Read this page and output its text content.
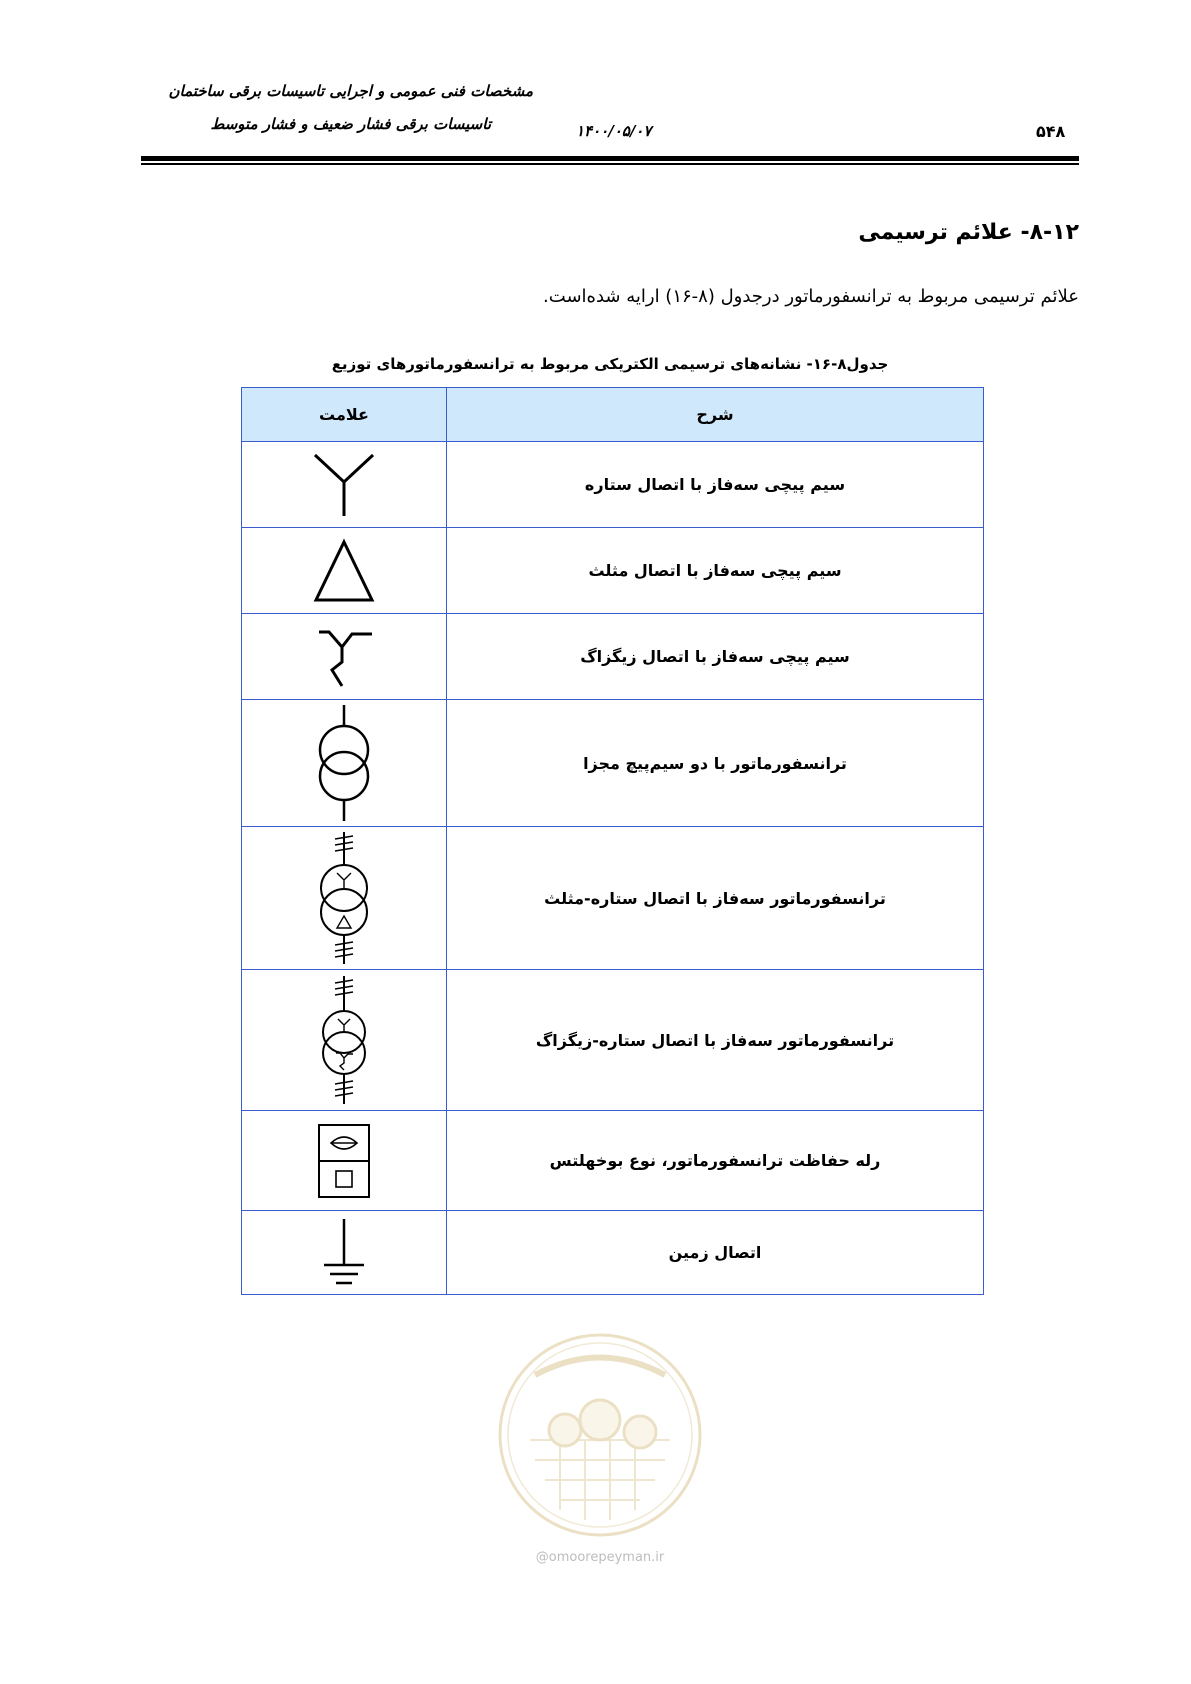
مشخصات فنی عمومی و اجرایی تاسیسات برقی ساختمان
تاسیسات برقی فشار ضعیف و فشار متوسط	۱۴۰۰/۰۵/۰۷	۵۴۸
۸-۱۲- علائم ترسیمی
علائم ترسیمی مربوط به ترانسفورماتور درجدول (۸-۱۶) ارایه شده‌است.
جدول۸-۱۶- نشانه‌های ترسیمی الکتریکی مربوط به ترانسفورماتورهای توزیع
علامت	شرح

	سیم پیچی سه‌فاز با اتصال ستاره

	سیم پیچی سه‌فاز با اتصال مثلث

	سیم پیچی سه‌فاز با اتصال زیگزاگ

	ترانسفورماتور با دو سیم‌پیچ مجزا

	ترانسفورماتور سه‌فاز با اتصال ستاره-مثلث

	ترانسفورماتور سه‌فاز با اتصال ستاره-زیگزاگ

	رله حفاظت ترانسفورماتور، نوع بوخهلتس

	اتصال زمین
@omoorepeyman.ir
